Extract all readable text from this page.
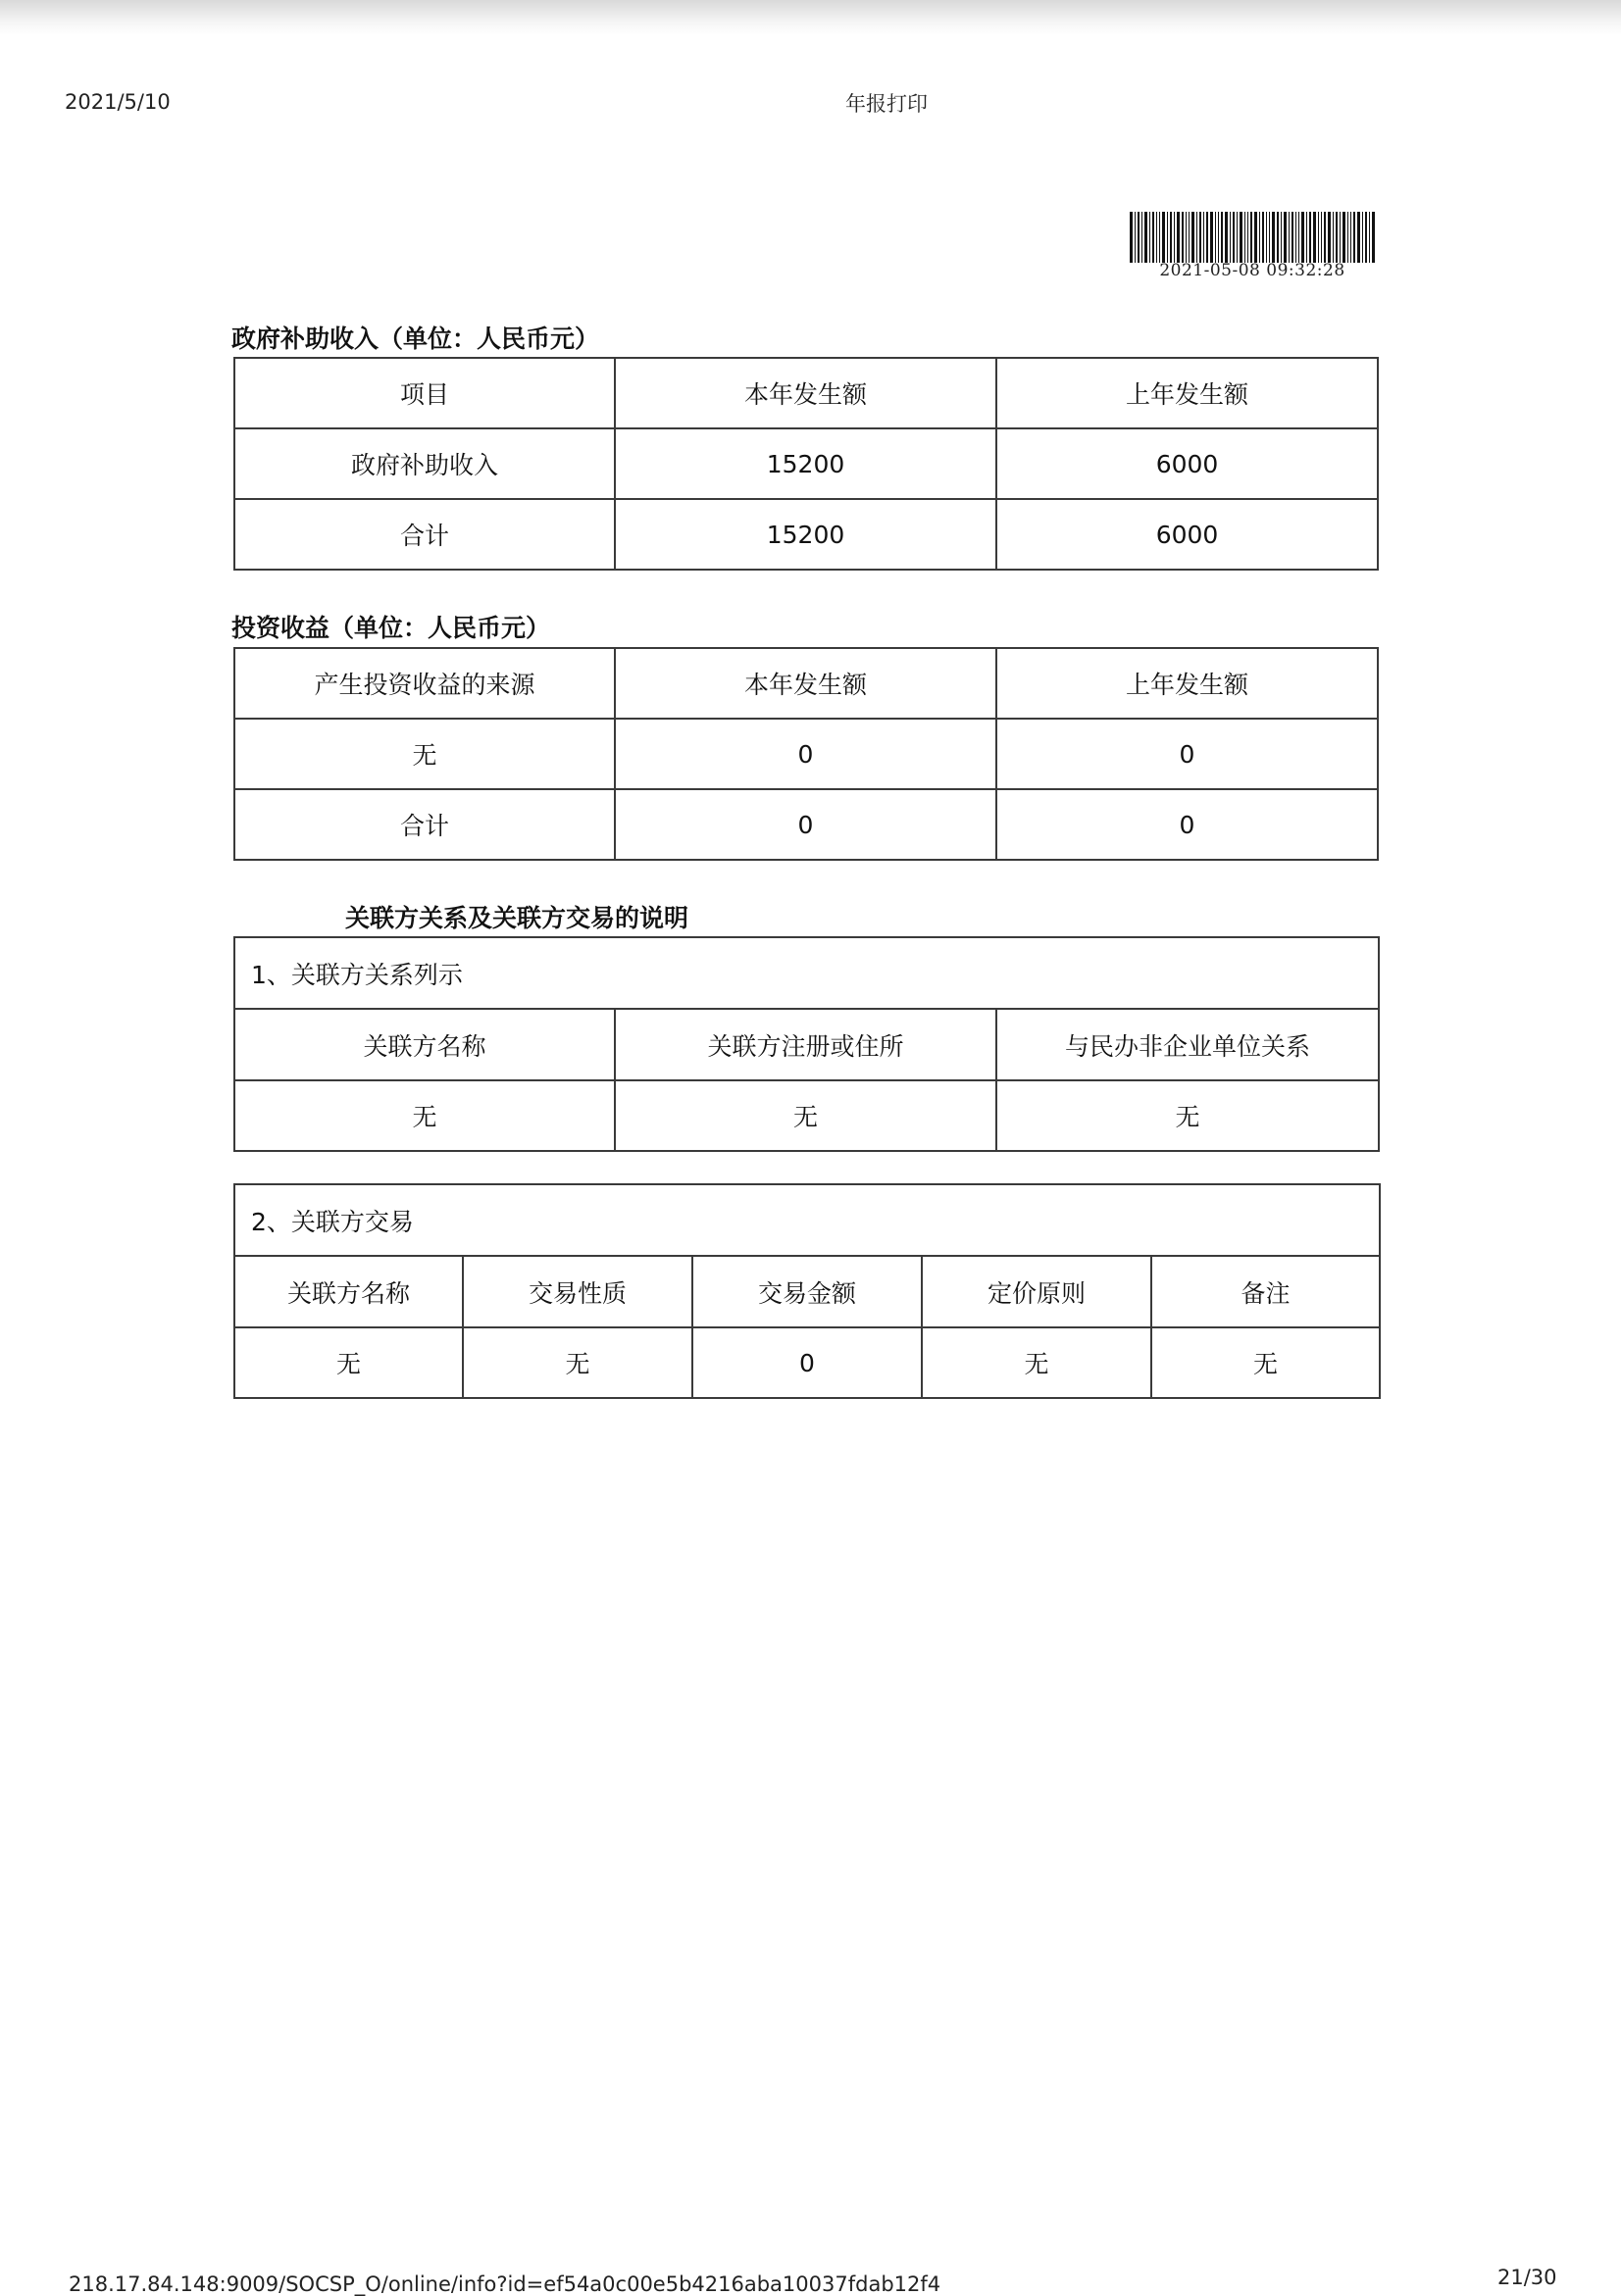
2021/5/10	年报打印
2021-05-08 09:32:28
政府补助收入（单位：人民币元）
项目	本年发生额	上年发生额
政府补助收入	15200	6000
合计	15200	6000
投资收益（单位：人民币元）
产生投资收益的来源	本年发生额	上年发生额
无	0	0
合计	0	0
关联方关系及关联方交易的说明
1、关联方关系列示		
关联方名称	关联方注册或住所	与民办非企业单位关系
无	无	无
2、关联方交易				
关联方名称	交易性质	交易金额	定价原则	备注
无	无	0	无	无
218.17.84.148:9009/SOCSP_O/online/info?id=ef54a0c00e5b4216aba10037fdab12f4	21/30
